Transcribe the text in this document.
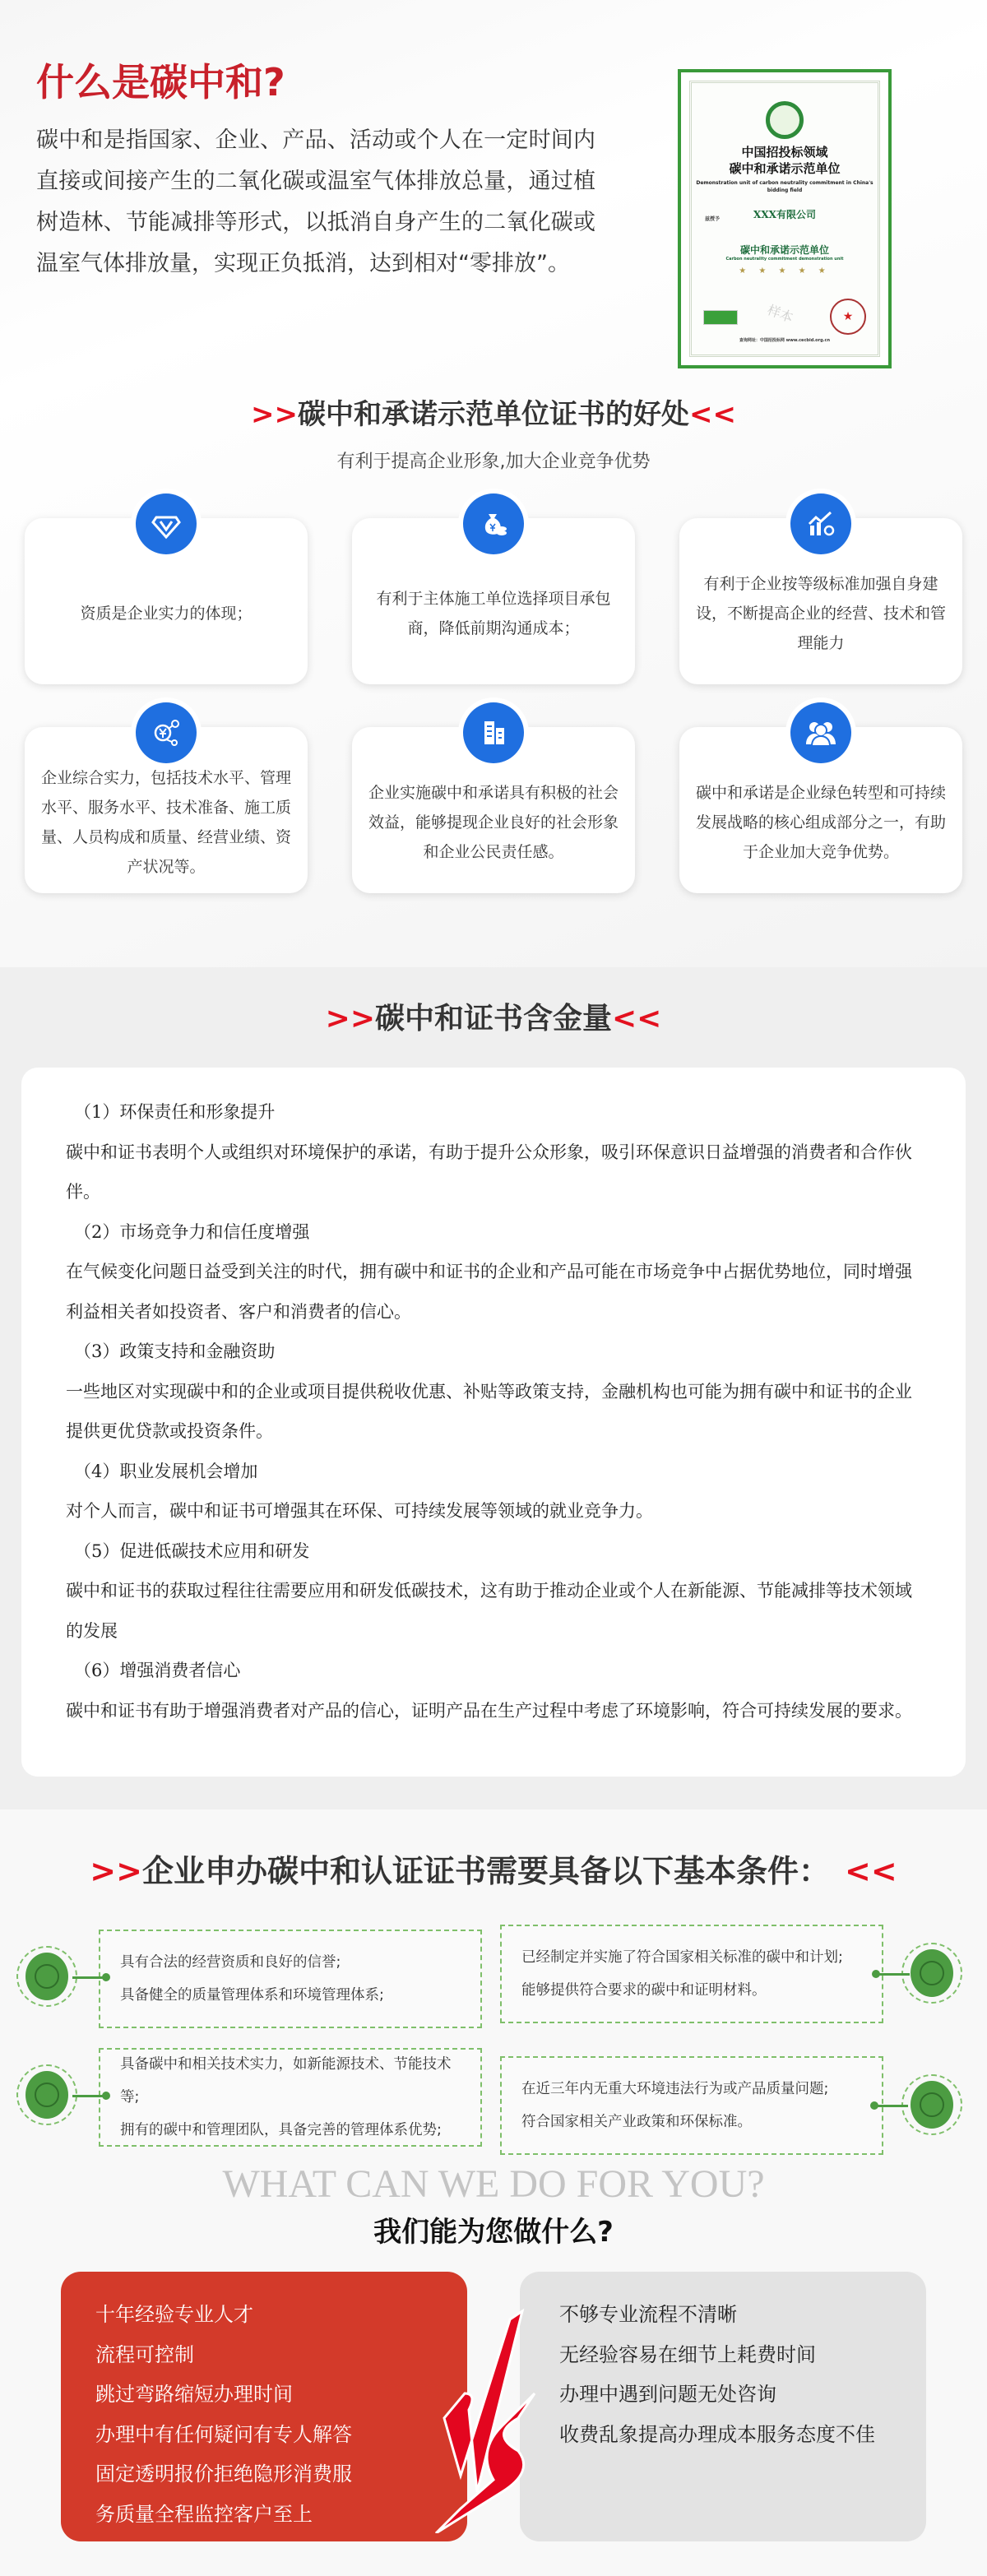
什么是碳中和?
碳中和是指国家、企业、产品、活动或个人在一定时间内直接或间接产生的二氧化碳或温室气体排放总量，通过植树造林、节能减排等形式，以抵消自身产生的二氧化碳或温室气体排放量，实现正负抵消，达到相对“零排放”。
中国招投标领域
碳中和承诺示范单位
Demonstration unit of carbon neutrality commitment in China's bidding field
兹授予	XXX有限公司
碳中和承诺示范单位
Carbon neutrality commitment demonstration unit
★ ★ ★ ★ ★
★
样本
查询网址：中国招投标网 www.cecbid.org.cn
>>碳中和承诺示范单位证书的好处<<
有利于提高企业形象,加大企业竞争优势
资质是企业实力的体现；
有利于主体施工单位选择项目承包商，降低前期沟通成本；
有利于企业按等级标准加强自身建设，不断提高企业的经营、技术和管理能力
企业综合实力，包括技术水平、管理水平、服务水平、技术准备、施工质量、人员构成和质量、经营业绩、资产状况等。
企业实施碳中和承诺具有积极的社会效益，能够提现企业良好的社会形象和企业公民责任感。
碳中和承诺是企业绿色转型和可持续发展战略的核心组成部分之一，有助于企业加大竞争优势。
>>碳中和证书含金量<<
（1）环保责任和形象提升
碳中和证书表明个人或组织对环境保护的承诺，有助于提升公众形象，吸引环保意识日益增强的消费者和合作伙伴。
（2）市场竞争力和信任度增强
在气候变化问题日益受到关注的时代，拥有碳中和证书的企业和产品可能在市场竞争中占据优势地位，同时增强利益相关者如投资者、客户和消费者的信心。
（3）政策支持和金融资助
一些地区对实现碳中和的企业或项目提供税收优惠、补贴等政策支持，金融机构也可能为拥有碳中和证书的企业提供更优贷款或投资条件。
（4）职业发展机会增加
对个人而言，碳中和证书可增强其在环保、可持续发展等领域的就业竞争力。
（5）促进低碳技术应用和研发
碳中和证书的获取过程往往需要应用和研发低碳技术，这有助于推动企业或个人在新能源、节能减排等技术领域的发展
（6）增强消费者信心
碳中和证书有助于增强消费者对产品的信心，证明产品在生产过程中考虑了环境影响，符合可持续发展的要求。
>>企业申办碳中和认证证书需要具备以下基本条件： <<
具有合法的经营资质和良好的信誉;
具备健全的质量管理体系和环境管理体系;
已经制定并实施了符合国家相关标准的碳中和计划;
能够提供符合要求的碳中和证明材料。
具备碳中和相关技术实力，如新能源技术、节能技术等;
拥有的碳中和管理团队，具备完善的管理体系优势;
在近三年内无重大环境违法行为或产品质量问题;
符合国家相关产业政策和环保标准。
WHAT CAN WE DO FOR YOU?
我们能为您做什么?
十年经验专业人才
流程可控制
跳过弯路缩短办理时间
办理中有任何疑问有专人解答
固定透明报价拒绝隐形消费服
务质量全程监控客户至上
不够专业流程不清晰
无经验容易在细节上耗费时间
办理中遇到问题无处咨询
收费乱象提高办理成本服务态度不佳
